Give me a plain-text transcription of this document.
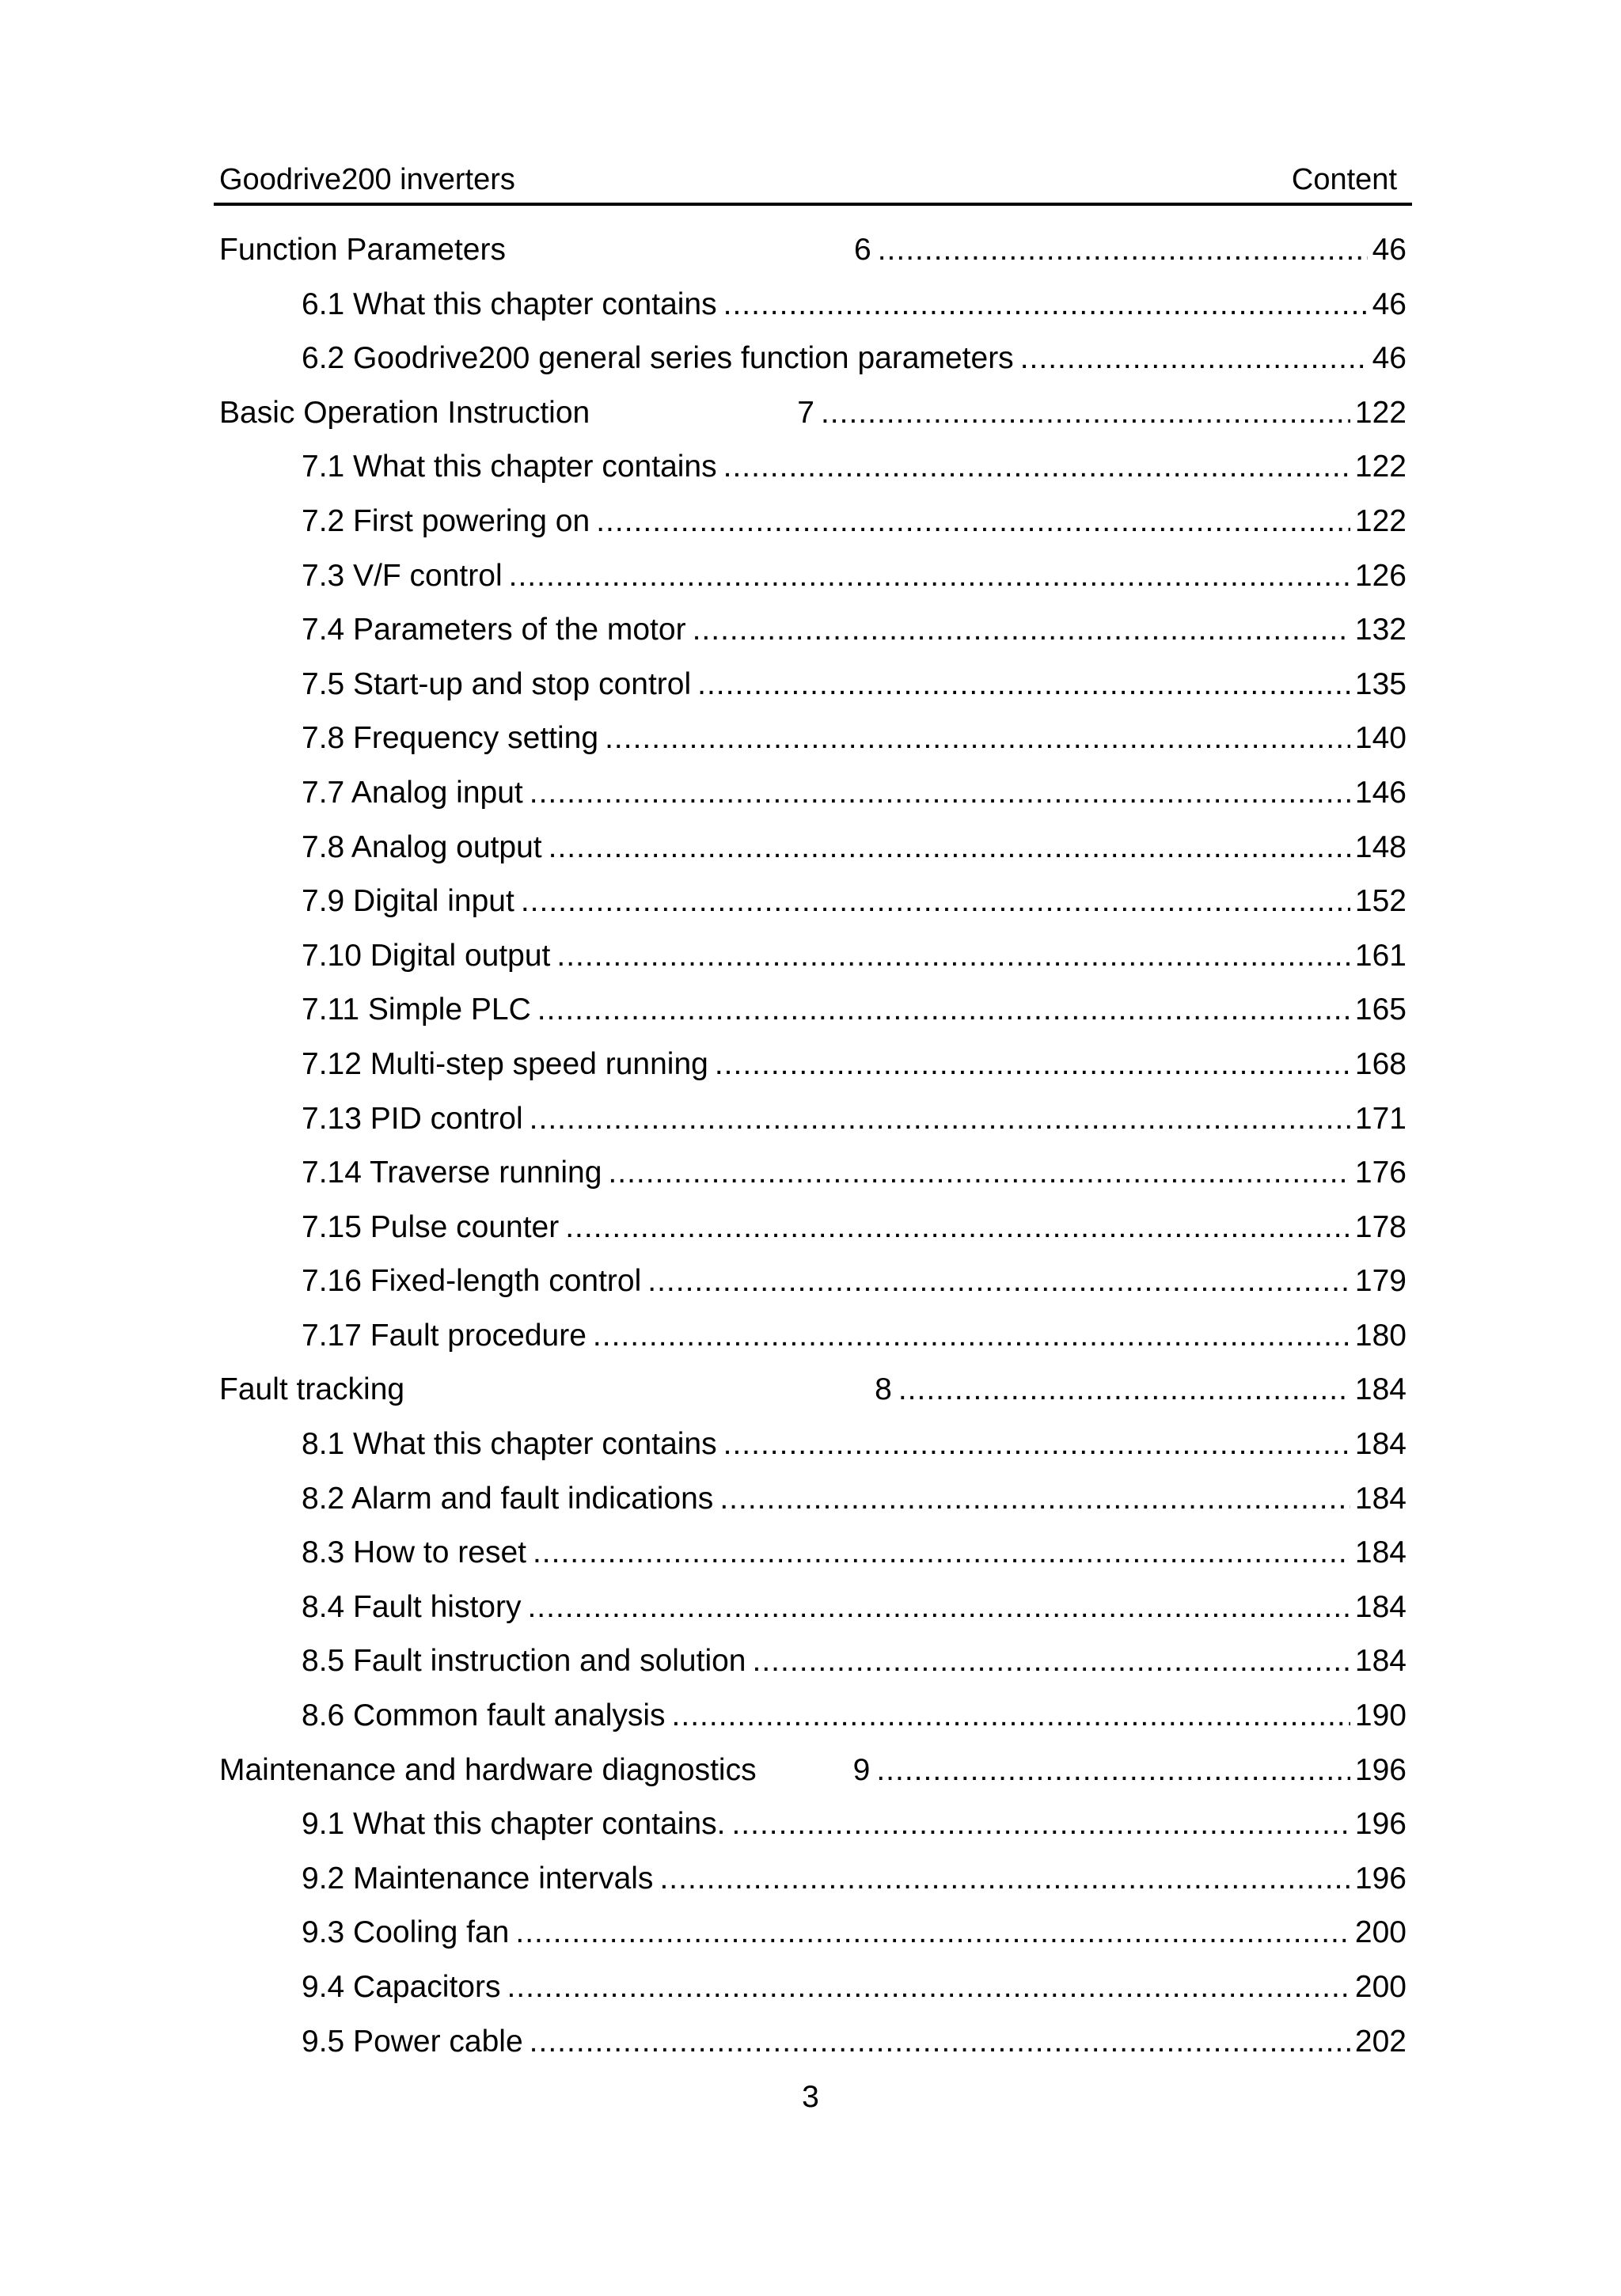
Goodrive200 inverters	Content
Function Parameters	6 .....	46
6.1 What this chapter contains .....	46
6.2 Goodrive200 general series function parameters .....	46
Basic Operation Instruction	7 .....	122
7.1 What this chapter contains .....	122
7.2 First powering on .....	122
7.3 V/F control .....	126
7.4 Parameters of the motor .....	132
7.5 Start-up and stop control .....	135
7.8 Frequency setting .....	140
7.7 Analog input .....	146
7.8 Analog output .....	148
7.9 Digital input .....	152
7.10 Digital output .....	161
7.11 Simple PLC .....	165
7.12 Multi-step speed running .....	168
7.13 PID control .....	171
7.14 Traverse running .....	176
7.15 Pulse counter .....	178
7.16 Fixed-length control .....	179
7.17 Fault procedure .....	180
Fault tracking	8 .....	184
8.1 What this chapter contains .....	184
8.2 Alarm and fault indications .....	184
8.3 How to reset .....	184
8.4 Fault history .....	184
8.5 Fault instruction and solution .....	184
8.6 Common fault analysis .....	190
Maintenance and hardware diagnostics	9 .....	196
9.1 What this chapter contains. .....	196
9.2 Maintenance intervals .....	196
9.3 Cooling fan .....	200
9.4 Capacitors .....	200
9.5 Power cable .....	202
3
